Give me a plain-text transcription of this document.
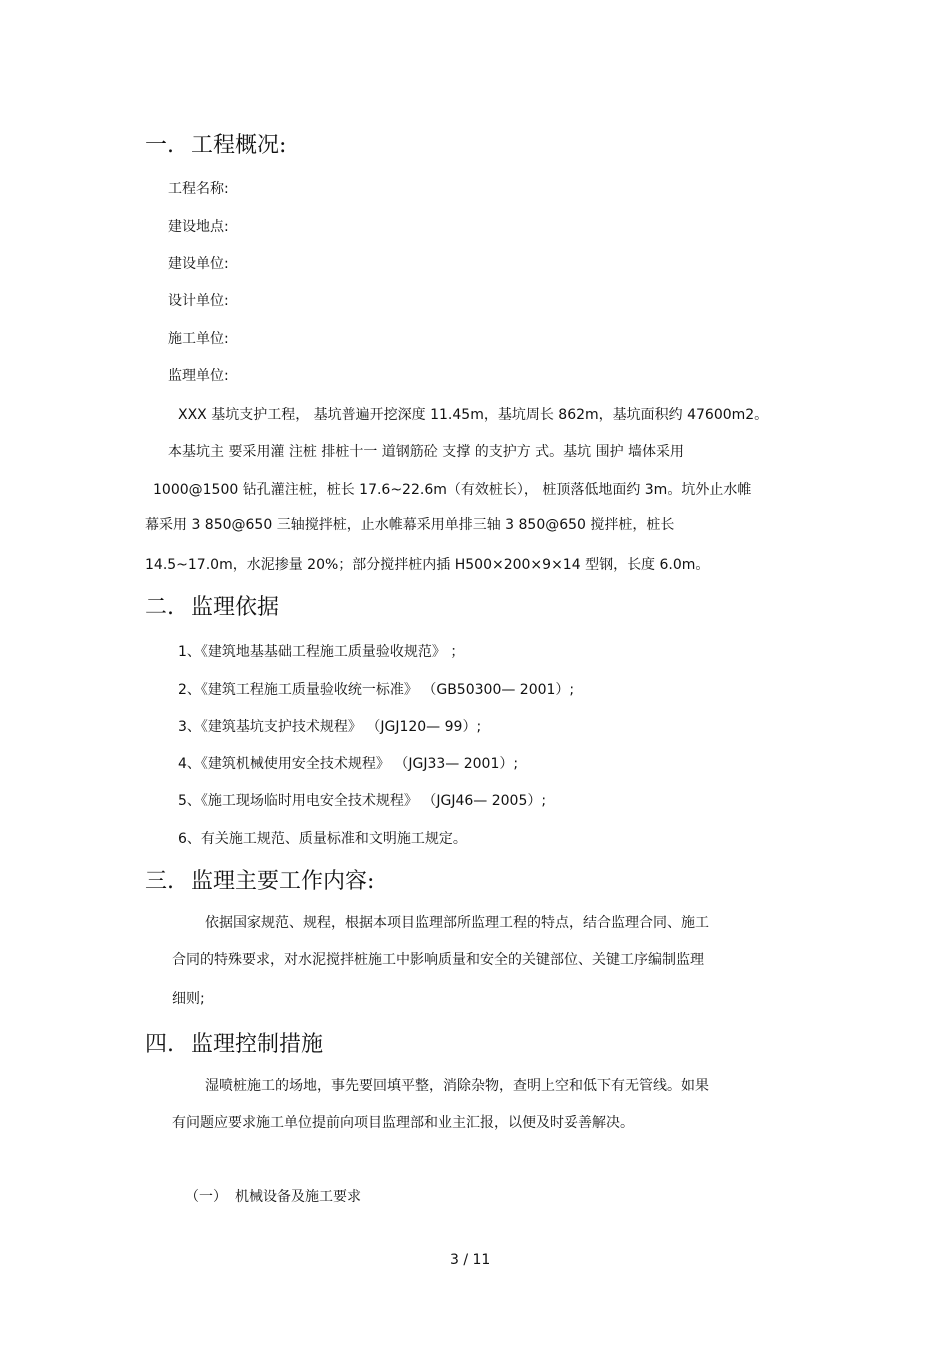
一. 工程概况:
工程名称:
建设地点:
建设单位:
设计单位:
施工单位:
监理单位:
XXX 基坑支护工程， 基坑普遍开挖深度 11.45m，基坑周长 862m，基坑面积约 47600m2。
本基坑主 要采用灌 注桩 排桩十一 道钢筋砼 支撑 的支护方 式。基坑 围护 墙体采用
1000@1500 钻孔灌注桩，桩长 17.6~22.6m（有效桩长）， 桩顶落低地面约 3m。坑外止水帷
幕采用 3 850@650 三轴搅拌桩，止水帷幕采用单排三轴 3 850@650 搅拌桩，桩长
14.5~17.0m，水泥掺量 20%；部分搅拌桩内插 H500×200×9×14 型钢，长度 6.0m。
二. 监理依据
1、《建筑地基基础工程施工质量验收规范》 ；
2、《建筑工程施工质量验收统一标准》 （GB50300— 2001）;
3、《建筑基坑支护技术规程》 （JGJ120— 99）;
4、《建筑机械使用安全技术规程》 （JGJ33— 2001）;
5、《施工现场临时用电安全技术规程》 （JGJ46— 2005）;
6、有关施工规范、质量标准和文明施工规定。
三. 监理主要工作内容:
依据国家规范、规程，根据本项目监理部所监理工程的特点，结合监理合同、施工
合同的特殊要求，对水泥搅拌桩施工中影响质量和安全的关键部位、关键工序编制监理
细则;
四. 监理控制措施
湿喷桩施工的场地，事先要回填平整，消除杂物，查明上空和低下有无管线。如果
有问题应要求施工单位提前向项目监理部和业主汇报，以便及时妥善解决。
（一） 机械设备及施工要求
3 / 11
